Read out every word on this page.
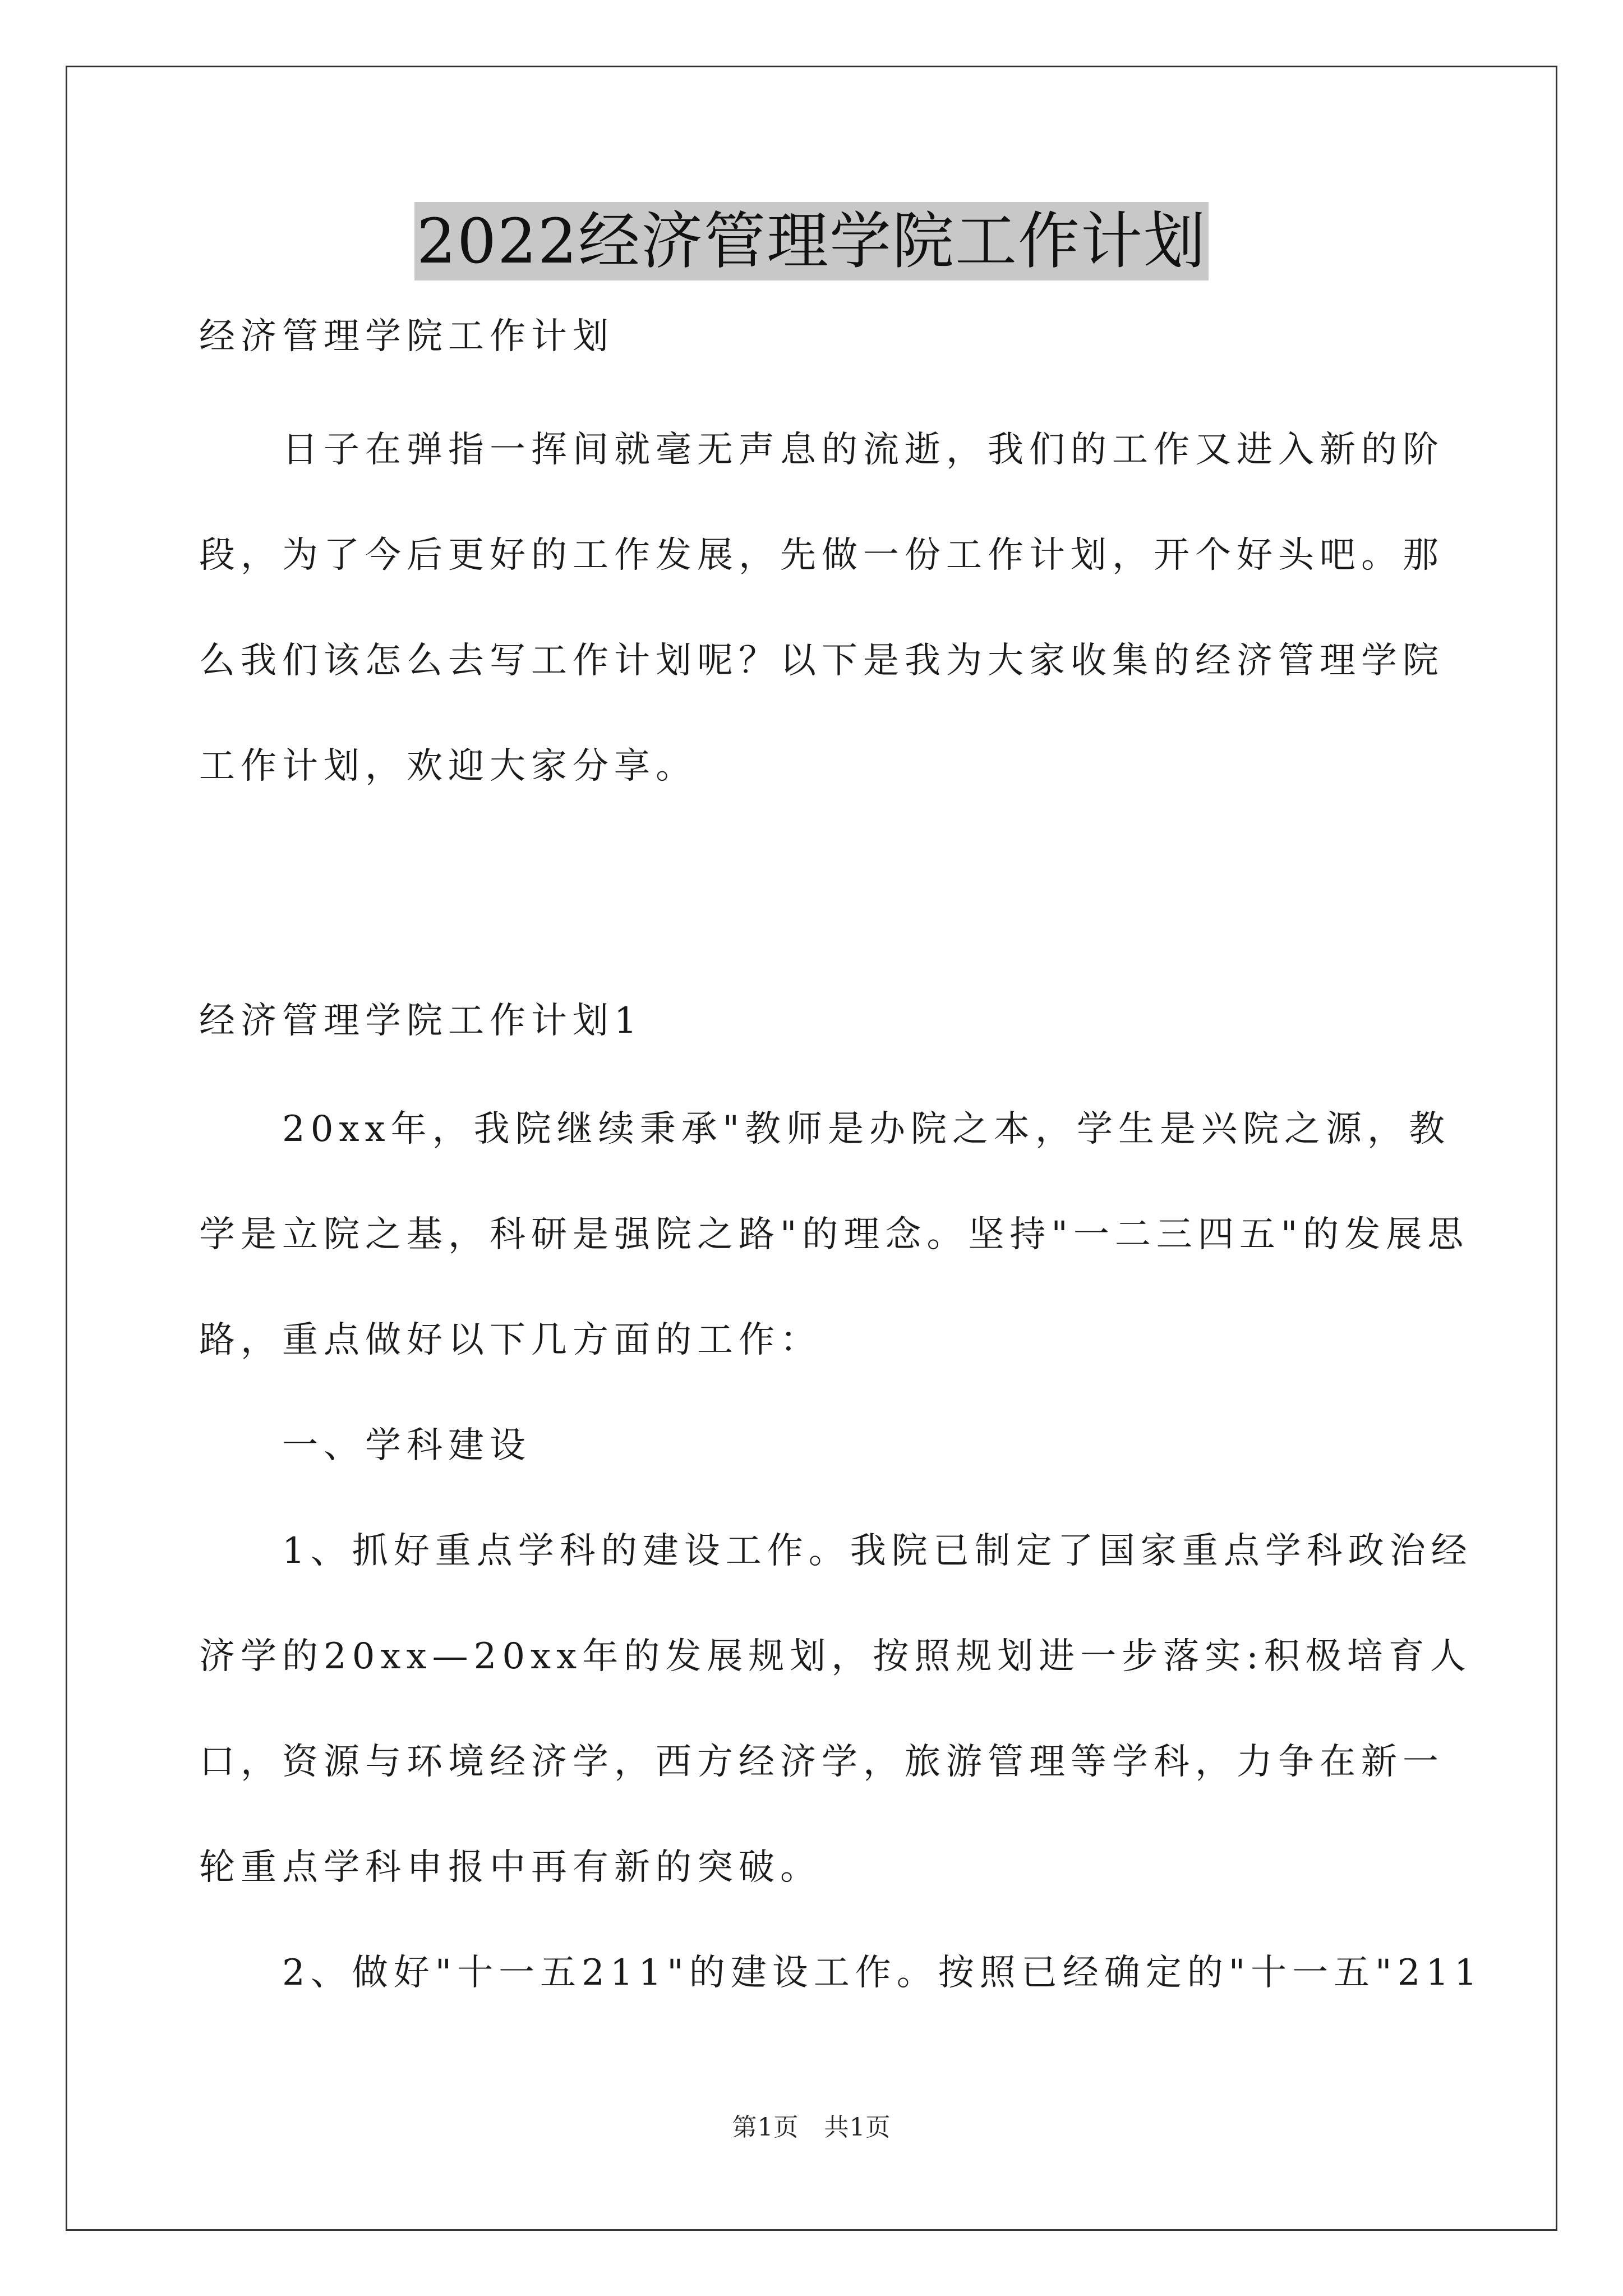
2022经济管理学院工作计划
经济管理学院工作计划
　　日子在弹指一挥间就毫无声息的流逝，我们的工作又进入新的阶
段，为了今后更好的工作发展，先做一份工作计划，开个好头吧。那
么我们该怎么去写工作计划呢？以下是我为大家收集的经济管理学院
工作计划，欢迎大家分享。
经济管理学院工作计划1
　　20xx年，我院继续秉承"教师是办院之本，学生是兴院之源，教
学是立院之基，科研是强院之路"的理念。坚持"一二三四五"的发展思
路，重点做好以下几方面的工作：
　　一、学科建设
　　1、抓好重点学科的建设工作。我院已制定了国家重点学科政治经
济学的20xx—20xx年的发展规划，按照规划进一步落实:积极培育人
口，资源与环境经济学，西方经济学，旅游管理等学科，力争在新一
轮重点学科申报中再有新的突破。
　　2、做好"十一五211"的建设工作。按照已经确定的"十一五"211
第1页　共1页
